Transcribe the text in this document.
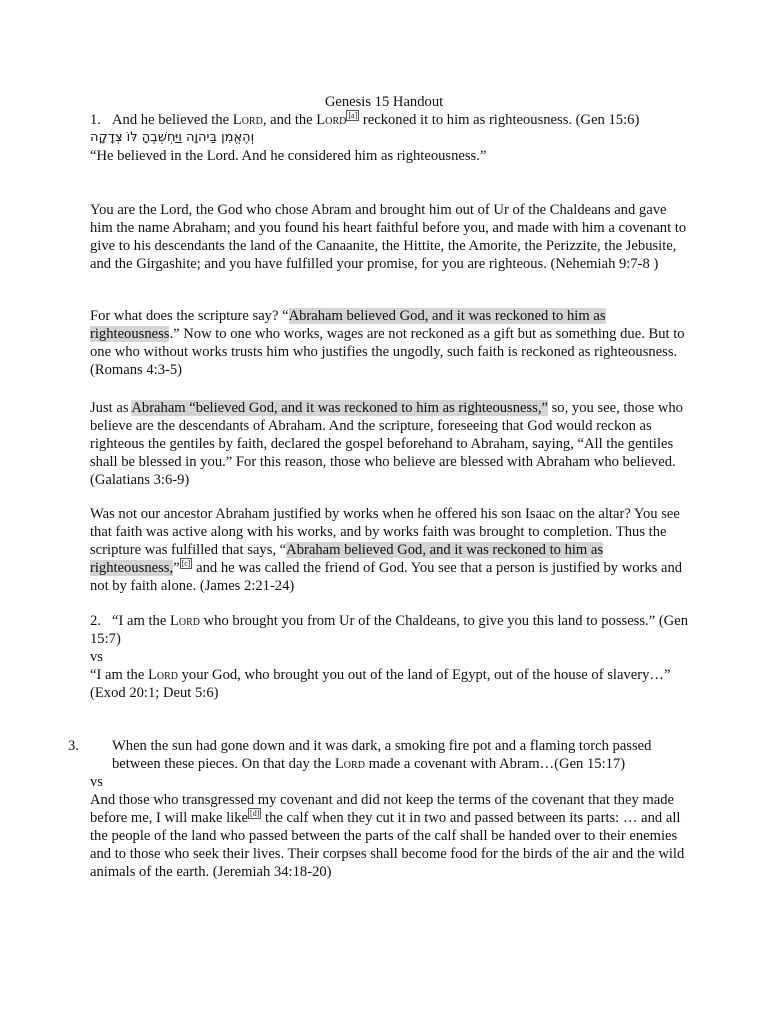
Genesis 15 Handout
1. And he believed the Lord, and the Lord [a] reckoned it to him as righteousness. (Gen 15:6)
וְהֶאֱמִן בַּיהוָה וַיַּחְשְׁבֶהָ לּוֹ צְדָקָה
“He believed in the Lord. And he considered him as righteousness.”

You are the Lord, the God who chose Abram and brought him out of Ur of the Chaldeans and gave him the name Abraham; and you found his heart faithful before you, and made with him a covenant to give to his descendants the land of the Canaanite, the Hittite, the Amorite, the Perizzite, the Jebusite, and the Girgashite; and you have fulfilled your promise, for you are righteous. (Nehemiah 9:7-8 )

For what does the scripture say? “Abraham believed God, and it was reckoned to him as righteousness.” Now to one who works, wages are not reckoned as a gift but as something due. But to one who without works trusts him who justifies the ungodly, such faith is reckoned as righteousness. (Romans 4:3-5)

Just as Abraham “believed God, and it was reckoned to him as righteousness,” so, you see, those who believe are the descendants of Abraham. And the scripture, foreseeing that God would reckon as righteous the gentiles by faith, declared the gospel beforehand to Abraham, saying, “All the gentiles shall be blessed in you.” For this reason, those who believe are blessed with Abraham who believed. (Galatians 3:6-9)

Was not our ancestor Abraham justified by works when he offered his son Isaac on the altar? You see that faith was active along with his works, and by works faith was brought to completion. Thus the scripture was fulfilled that says, “Abraham believed God, and it was reckoned to him as righteousness,” [c] and he was called the friend of God. You see that a person is justified by works and not by faith alone. (James 2:21-24)

2. “I am the Lord who brought you from Ur of the Chaldeans, to give you this land to possess.” (Gen 15:7)
vs
“I am the Lord your God, who brought you out of the land of Egypt, out of the house of slavery…” (Exod 20:1; Deut 5:6)
3. When the sun had gone down and it was dark, a smoking fire pot and a flaming torch passed between these pieces. On that day the Lord made a covenant with Abram…(Gen 15:17)
vs
And those who transgressed my covenant and did not keep the terms of the covenant that they made before me, I will make like [d] the calf when they cut it in two and passed between its parts: … and all the people of the land who passed between the parts of the calf shall be handed over to their enemies and to those who seek their lives. Their corpses shall become food for the birds of the air and the wild animals of the earth. (Jeremiah 34:18-20)
